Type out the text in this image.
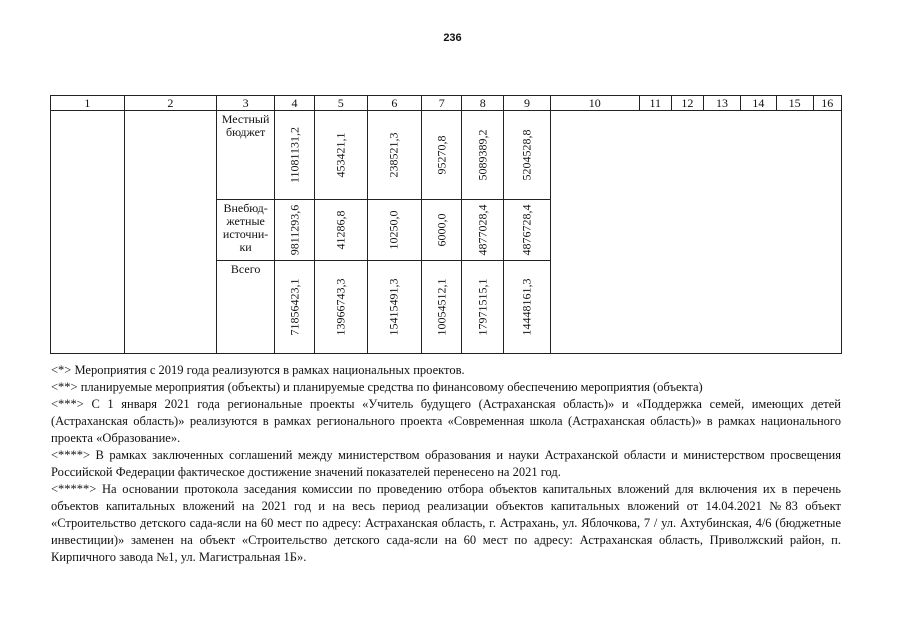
236
1	2	3	4	5	6	7	8	9	10	11	12	13	14	15	16
		Местный бюджет	11081131,2	453421,1	238521,3	95270,8	5089389,2	5204528,8							

		Внебюд-жетные источни-ки	9811293,6	41286,8	10250,0	6000,0	4877028,4	4876728,4							

		Всего	71856423,1	13966743,3	15415491,3	10054512,1	17971515,1	14448161,3							

<*> Мероприятия с 2019 года реализуются в рамках национальных проектов.

<**> планируемые мероприятия (объекты) и планируемые средства по финансовому обеспечению мероприятия (объекта)

<***> С 1 января 2021 года региональные проекты «Учитель будущего (Астраханская область)» и «Поддержка семей, имеющих детей (Астраханская область)» реализуются в рамках регионального проекта «Современная школа (Астраханская область)» в рамках национального проекта «Образование».

<****> В рамках заключенных соглашений между министерством образования и науки Астраханской области и министерством просвещения Российской Федерации фактическое достижение значений показателей перенесено на 2021 год.

<*****> На основании протокола заседания комиссии по проведению отбора объектов капитальных вложений для включения их в перечень объектов капитальных вложений на 2021 год и на весь период реализации объектов капитальных вложений от 14.04.2021 №83 объект «Строительство детского сада-ясли на 60 мест по адресу: Астраханская область, г. Астрахань, ул. Яблочкова, 7 / ул. Ахтубинская, 4/6 (бюджетные инвестиции)» заменен на объект «Строительство детского сада-ясли на 60 мест по адресу: Астраханская область, Приволжский район, п. Кирпичного завода №1, ул. Магистральная 1Б».
